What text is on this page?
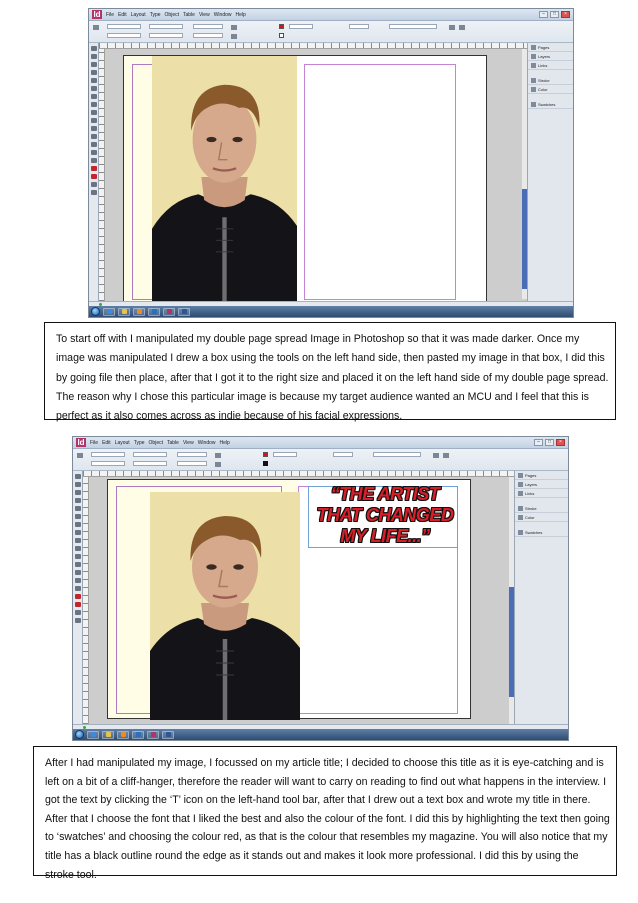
Id File Edit Layout Type Object Table View Window Help	–	□	×
Pages
Layers
Links
Stroke
Color
Swatches

To start off with I manipulated my double page spread Image in Photoshop so that it was made darker. Once my image was manipulated I drew a box using the tools on the left hand side, then pasted my image in that box, I did this by going file then place, after that I got it to the right size and placed it on the left hand side of my double page spread. The reason why I chose this particular image is because my target audience wanted an MCU and I feel that this is perfect as it also comes across as indie because of his facial expressions.

Id File Edit Layout Type Object Table View Window Help	–	□	×
“THE ARTIST
THAT CHANGED
MY LIFE...”
Pages
Layers
Links
Stroke
Color
Swatches

After I had manipulated my image, I focussed on my article title; I decided to choose this title as it is eye-catching and is left on a bit of a cliff-hanger, therefore the reader will want to carry on reading to find out what happens in the interview. I got the text by clicking the ‘T’ icon on the left-hand tool bar, after that I drew out a text box and wrote my title in there. After that I choose the font that I liked the best and also the colour of the font. I did this by highlighting the text then going to ‘swatches’ and choosing the colour red, as that is the colour that resembles my magazine. You will also notice that my title has a black outline round the edge as it stands out and makes it look more professional. I did this by using the stroke tool.
